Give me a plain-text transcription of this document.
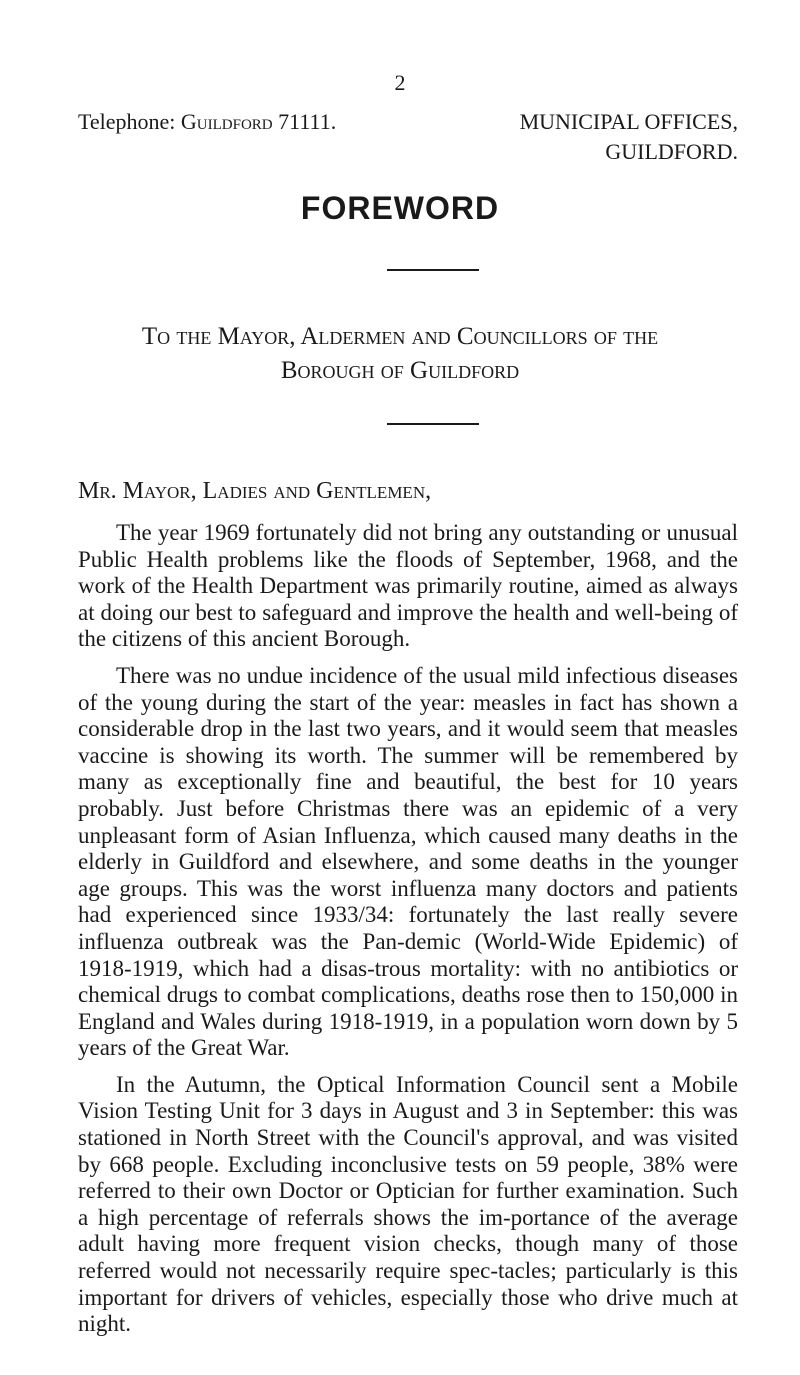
2
Telephone: Guildford 71111.	MUNICIPAL OFFICES,
GUILDFORD.
FOREWORD
To the Mayor, Aldermen and Councillors of the
Borough of Guildford
Mr. Mayor, Ladies and Gentlemen,

The year 1969 fortunately did not bring any outstanding or unusual Public Health problems like the floods of September, 1968, and the work of the Health Department was primarily routine, aimed as always at doing our best to safeguard and improve the health and well-being of the citizens of this ancient Borough.

There was no undue incidence of the usual mild infectious diseases of the young during the start of the year: measles in fact has shown a considerable drop in the last two years, and it would seem that measles vaccine is showing its worth. The summer will be remembered by many as exceptionally fine and beautiful, the best for 10 years probably. Just before Christmas there was an epidemic of a very unpleasant form of Asian Influenza, which caused many deaths in the elderly in Guildford and elsewhere, and some deaths in the younger age groups. This was the worst influenza many doctors and patients had experienced since 1933/34: fortunately the last really severe influenza outbreak was the Pan-demic (World-Wide Epidemic) of 1918-1919, which had a disas-trous mortality: with no antibiotics or chemical drugs to combat complications, deaths rose then to 150,000 in England and Wales during 1918-1919, in a population worn down by 5 years of the Great War.

In the Autumn, the Optical Information Council sent a Mobile Vision Testing Unit for 3 days in August and 3 in September: this was stationed in North Street with the Council's approval, and was visited by 668 people. Excluding inconclusive tests on 59 people, 38% were referred to their own Doctor or Optician for further examination. Such a high percentage of referrals shows the im-portance of the average adult having more frequent vision checks, though many of those referred would not necessarily require spec-tacles; particularly is this important for drivers of vehicles, especially those who drive much at night.
